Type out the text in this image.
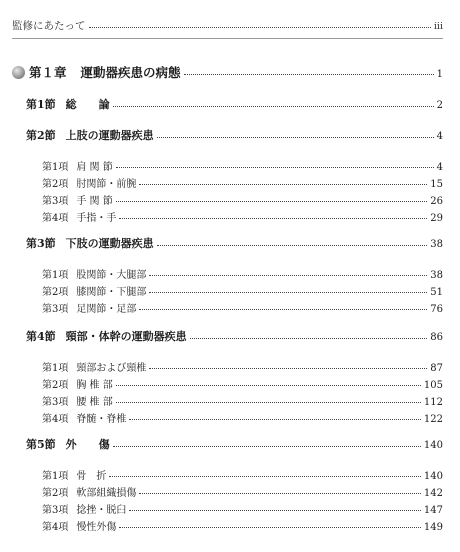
監修にあたって	iii
第１章 運動器疾患の病態	1
第1節 総　　論	2
第2節 上肢の運動器疾患	4
第1項 肩 関 節	4
第2項 肘関節・前腕	15
第3項 手 関 節	26
第4項 手指・手	29
第3節 下肢の運動器疾患	38
第1項 股関節・大腿部	38
第2項 膝関節・下腿部	51
第3項 足関節・足部	76
第4節 頸部・体幹の運動器疾患	86
第1項 頸部および頸椎	87
第2項 胸 椎 部	105
第3項 腰 椎 部	112
第4項 脊髄・脊椎	122
第5節 外　　傷	140
第1項 骨　折	140
第2項 軟部組織損傷	142
第3項 捻挫・脱臼	147
第4項 慢性外傷	149
